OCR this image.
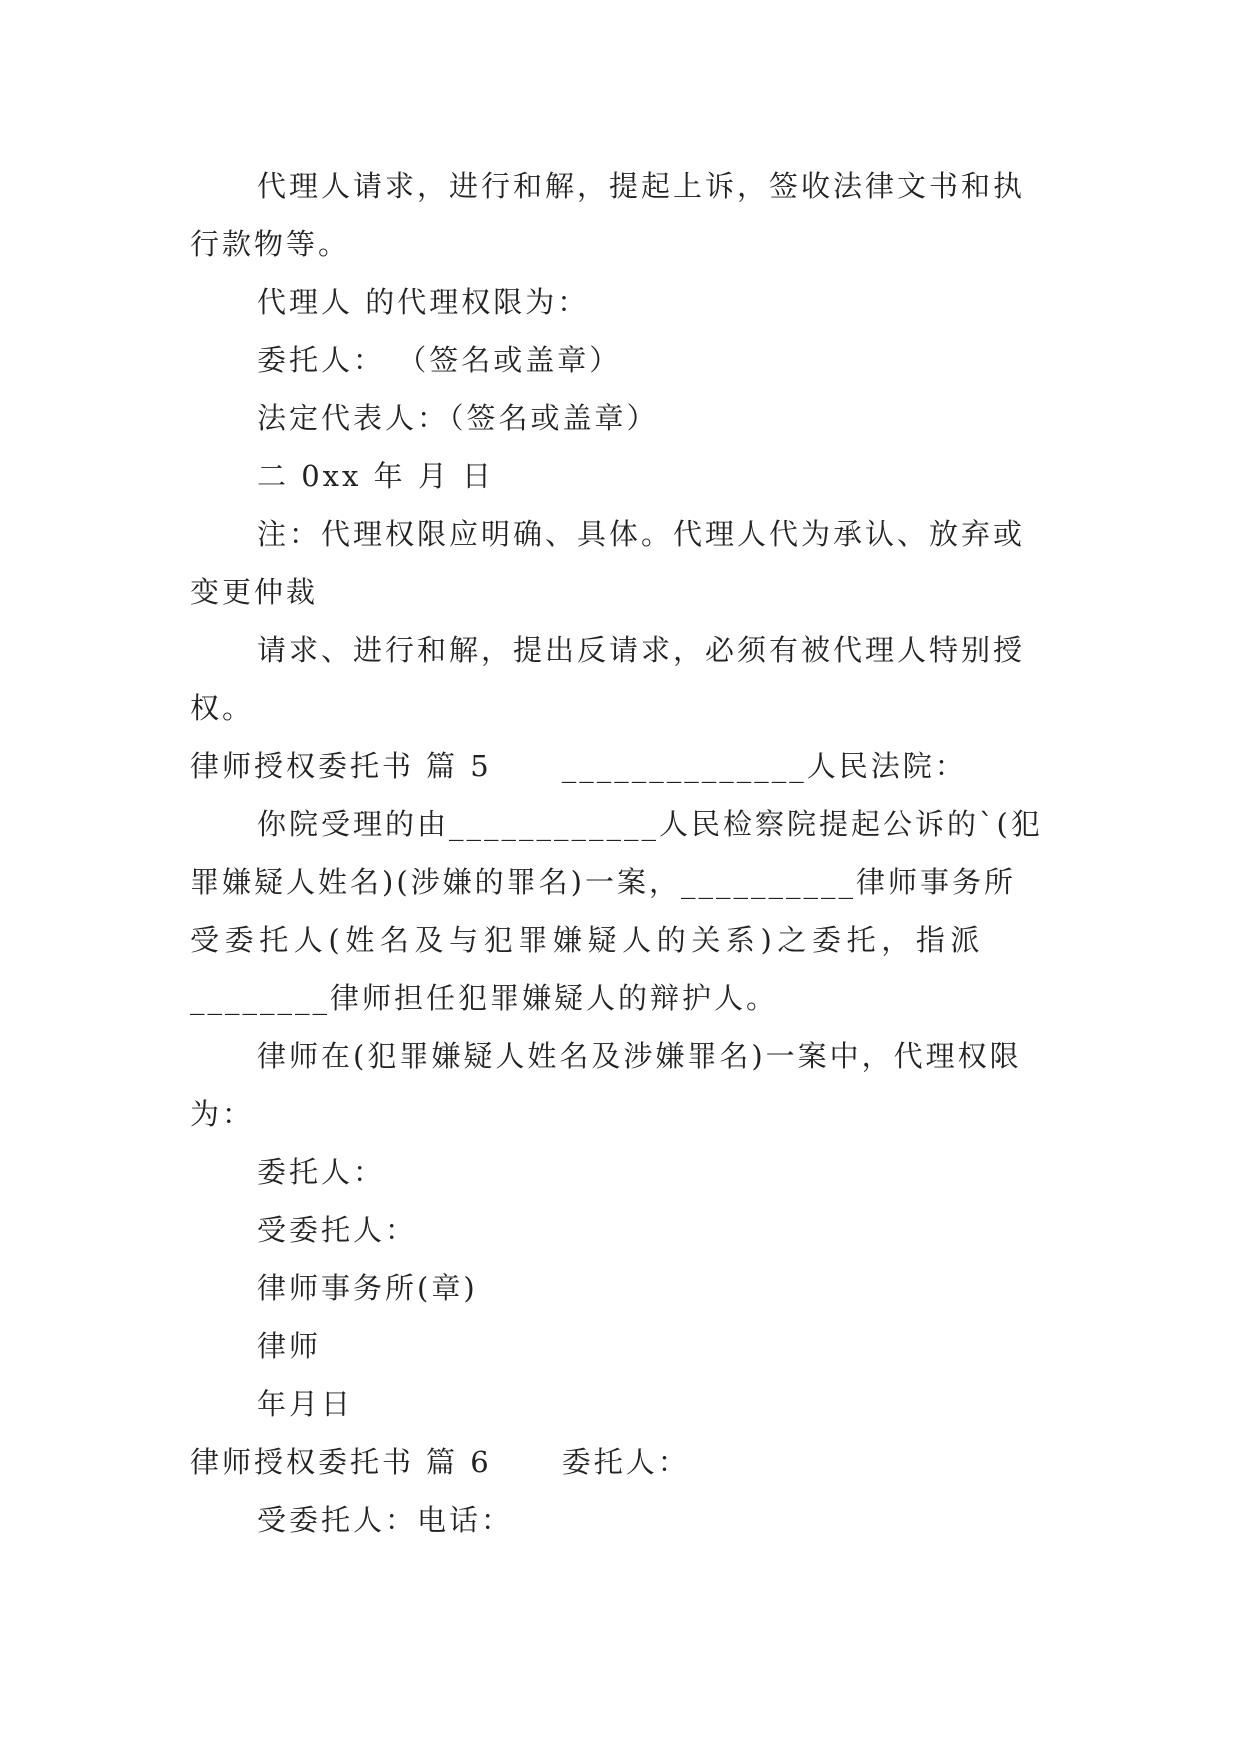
代理人请求，进行和解，提起上诉，签收法律文书和执
行款物等。
代理人 的代理权限为：
委托人： （签名或盖章）
法定代表人：（签名或盖章）
二 0xx 年 月 日
注：代理权限应明确、具体。代理人代为承认、放弃或
变更仲裁
请求、进行和解，提出反请求，必须有被代理人特别授
权。
律师授权委托书 篇 5 ______________人民法院：
你院受理的由____________人民检察院提起公诉的`(犯
罪嫌疑人姓名)(涉嫌的罪名)一案，__________律师事务所
受委托人(姓名及与犯罪嫌疑人的关系)之委托，指派
________律师担任犯罪嫌疑人的辩护人。
律师在(犯罪嫌疑人姓名及涉嫌罪名)一案中，代理权限
为：
委托人：
受委托人：
律师事务所(章)
律师
年月日
律师授权委托书 篇 6 委托人：
受委托人：电话：
